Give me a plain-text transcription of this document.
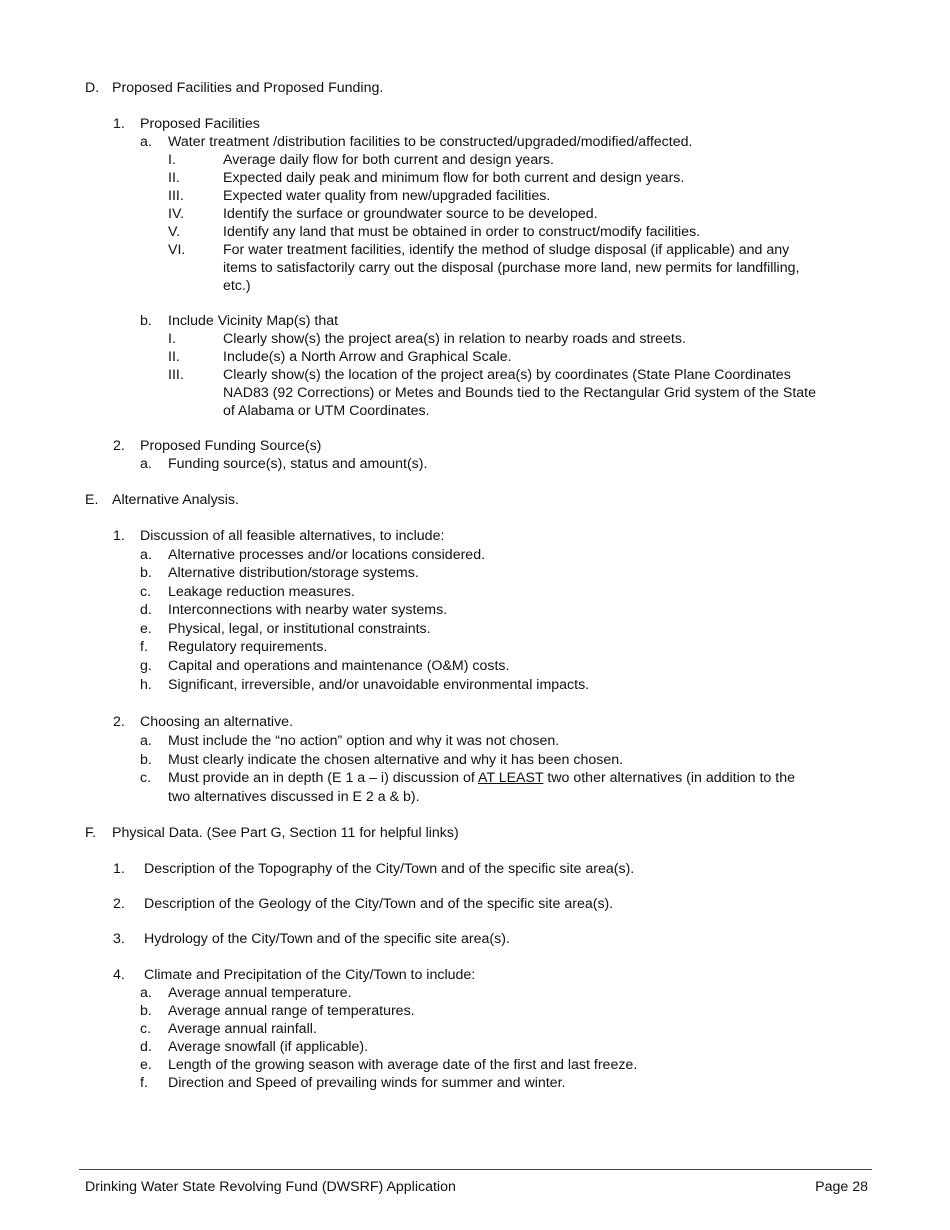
D. Proposed Facilities and Proposed Funding.
1. Proposed Facilities
a. Water treatment /distribution facilities to be constructed/upgraded/modified/affected.
I.	Average daily flow for both current and design years.
II.	Expected daily peak and minimum flow for both current and design years.
III.	Expected water quality from new/upgraded facilities.
IV.	Identify the surface or groundwater source to be developed.
V.	Identify any land that must be obtained in order to construct/modify facilities.
VI.	For water treatment facilities, identify the method of sludge disposal (if applicable) and any
items to satisfactorily carry out the disposal (purchase more land, new permits for landfilling,
etc.)
b. Include Vicinity Map(s) that
I.	Clearly show(s) the project area(s) in relation to nearby roads and streets.
II.	Include(s) a North Arrow and Graphical Scale.
III.	Clearly show(s) the location of the project area(s) by coordinates (State Plane Coordinates
NAD83 (92 Corrections) or Metes and Bounds tied to the Rectangular Grid system of the State
of Alabama or UTM Coordinates.
2. Proposed Funding Source(s)
a. Funding source(s), status and amount(s).
E. Alternative Analysis.
1. Discussion of all feasible alternatives, to include:
a. Alternative processes and/or locations considered.
b. Alternative distribution/storage systems.
c. Leakage reduction measures.
d. Interconnections with nearby water systems.
e. Physical, legal, or institutional constraints.
f. Regulatory requirements.
g. Capital and operations and maintenance (O&M) costs.
h. Significant, irreversible, and/or unavoidable environmental impacts.
2. Choosing an alternative.
a. Must include the “no action” option and why it was not chosen.
b. Must clearly indicate the chosen alternative and why it has been chosen.
c. Must provide an in depth (E 1 a – i) discussion of AT LEAST two other alternatives (in addition to the
two alternatives discussed in E 2 a & b).
F. Physical Data. (See Part G, Section 11 for helpful links)
1. Description of the Topography of the City/Town and of the specific site area(s).
2. Description of the Geology of the City/Town and of the specific site area(s).
3. Hydrology of the City/Town and of the specific site area(s).
4. Climate and Precipitation of the City/Town to include:
a. Average annual temperature.
b. Average annual range of temperatures.
c. Average annual rainfall.
d. Average snowfall (if applicable).
e. Length of the growing season with average date of the first and last freeze.
f. Direction and Speed of prevailing winds for summer and winter.
Drinking Water State Revolving Fund (DWSRF) Application	Page 28
